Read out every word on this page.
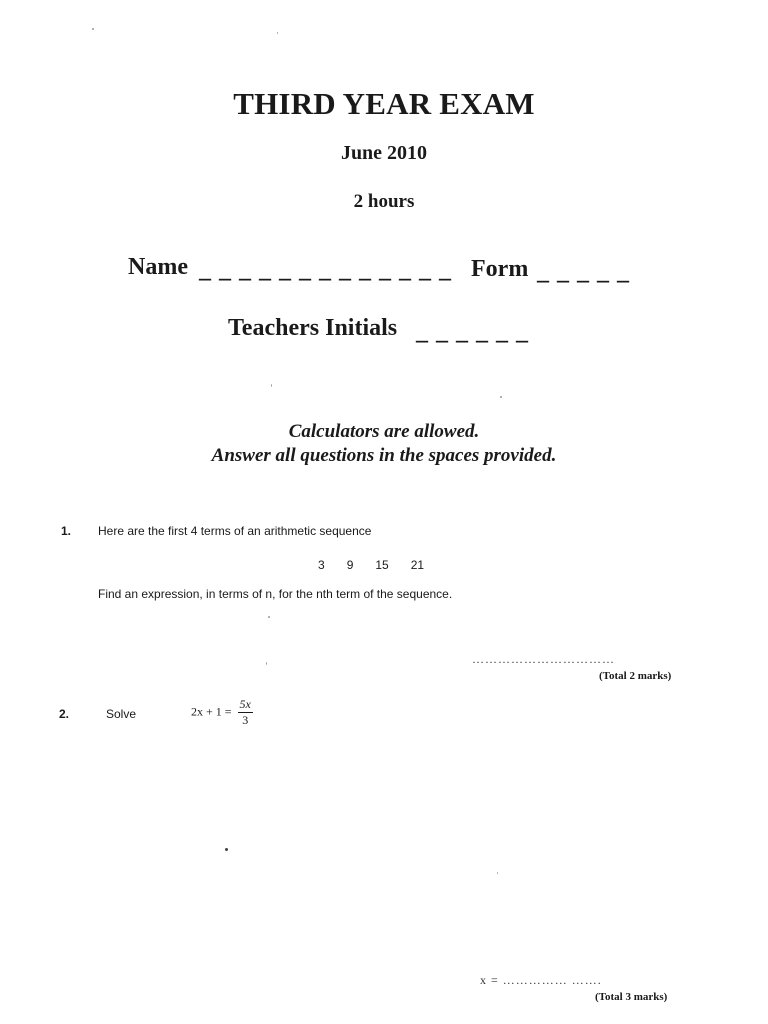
THIRD YEAR EXAM
June 2010
2 hours
Name _ _ _ _ _ _ _ _ _ _ _ _ _ Form _ _ _ _ _
Teachers Initials _ _ _ _ _ _
Calculators are allowed.
Answer all questions in the spaces provided.
1. Here are the first 4 terms of an arithmetic sequence
3 9 15 21
Find an expression, in terms of n, for the nth term of the sequence.
……………………………
(Total 2 marks)
2.	Solve	$2x + 1 = \frac{5x}{3}$
x = …………… …….
(Total 3 marks)
